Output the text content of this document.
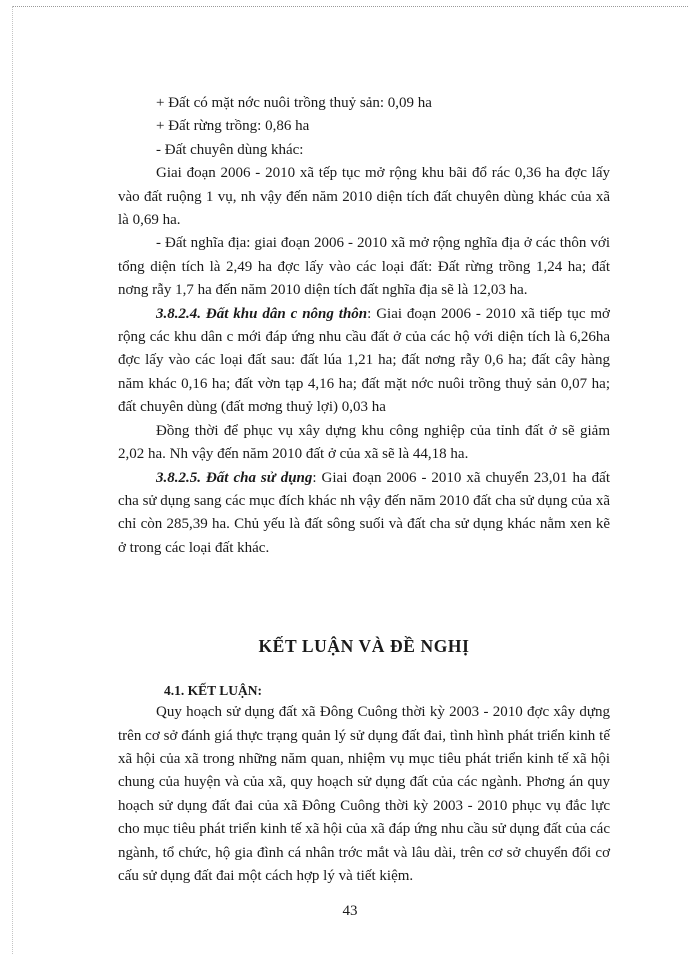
+ Đất có mặt nớc nuôi trồng thuỷ sản: 0,09 ha

+ Đất rừng trồng: 0,86 ha

- Đất chuyên dùng khác:

Giai đoạn 2006 - 2010 xã tếp tục mở rộng khu bãi đổ rác 0,36 ha đợc lấy vào đất ruộng 1 vụ, nh vậy đến năm 2010 diện tích đất chuyên dùng khác của xã là 0,69 ha.

- Đất nghĩa địa: giai đoạn 2006 - 2010 xã mở rộng nghĩa địa ở các thôn với tổng diện tích là 2,49 ha đợc lấy vào các loại đất: Đất rừng trồng 1,24 ha; đất nơng rẫy 1,7 ha đến năm 2010 diện tích đất nghĩa địa sẽ là 12,03 ha.

3.8.2.4. Đất khu dân c nông thôn: Giai đoạn 2006 - 2010 xã tiếp tục mở rộng các khu dân c mới đáp ứng nhu cầu đất ở của các hộ với diện tích là 6,26ha đợc lấy vào các loại đất sau: đất lúa 1,21 ha; đất nơng rẫy 0,6 ha; đất cây hàng năm khác 0,16 ha; đất vờn tạp 4,16 ha; đất mặt nớc nuôi trồng thuỷ sản 0,07 ha; đất chuyên dùng (đất mơng thuỷ lợi) 0,03 ha

Đồng thời để phục vụ xây dựng khu công nghiệp của tỉnh đất ở sẽ giảm 2,02 ha. Nh vậy đến năm 2010 đất ở của xã sẽ là 44,18 ha.

3.8.2.5. Đất cha sử dụng: Giai đoạn 2006 - 2010 xã chuyển 23,01 ha đất cha sử dụng sang các mục đích khác nh vậy đến năm 2010 đất cha sử dụng của xã chỉ còn 285,39 ha. Chủ yếu là đất sông suối và đất cha sử dụng khác nằm xen kẽ ở trong các loại đất khác.

KẾT LUẬN VÀ ĐỀ NGHỊ
4.1. KẾT LUẬN:

Quy hoạch sử dụng đất xã Đông Cuông thời kỳ 2003 - 2010 đợc xây dựng trên cơ sở đánh giá thực trạng quản lý sử dụng đất đai, tình hình phát triển kinh tế xã hội của xã trong những năm quan, nhiệm vụ mục tiêu phát triển kinh tế xã hội chung của huyện và của xã, quy hoạch sử dụng đất của các ngành. Phơng án quy hoạch sử dụng đất đai của xã Đông Cuông thời kỳ 2003 - 2010 phục vụ đắc lực cho mục tiêu phát triển kinh tế xã hội của xã đáp ứng nhu cầu sử dụng đất của các ngành, tổ chức, hộ gia đình cá nhân trớc mắt và lâu dài, trên cơ sở chuyển đổi cơ cấu sử dụng đất đai một cách hợp lý và tiết kiệm.

43
